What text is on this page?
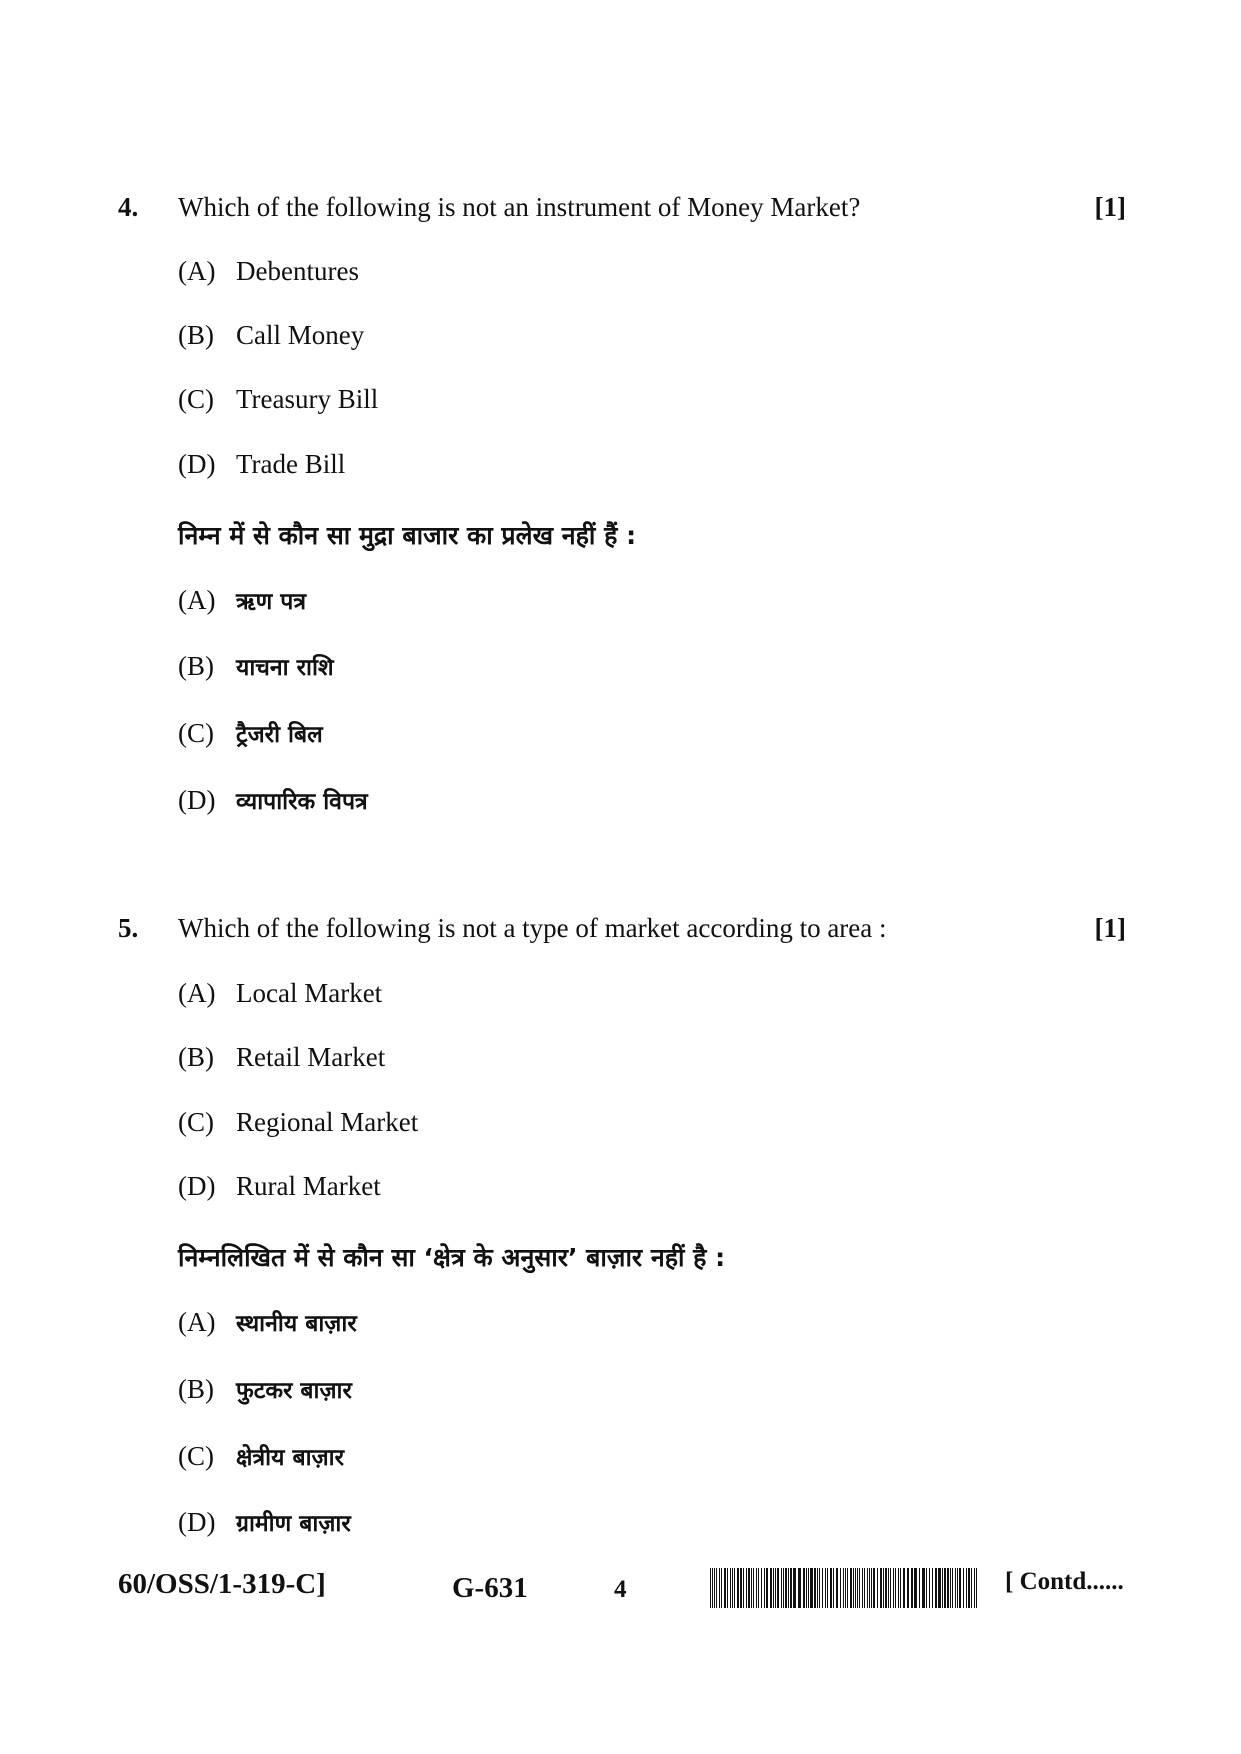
4. Which of the following is not an instrument of Money Market?	[1]
(A) Debentures
(B) Call Money
(C) Treasury Bill
(D) Trade Bill
निम्न में से कौन सा मुद्रा बाजार का प्रलेख नहीं हैं :
(A) ऋण पत्र
(B) याचना राशि
(C) ट्रैजरी बिल
(D) व्यापारिक विपत्र
5. Which of the following is not a type of market according to area :	[1]
(A) Local Market
(B) Retail Market
(C) Regional Market
(D) Rural Market
निम्नलिखित में से कौन सा ‘क्षेत्र के अनुसार’ बाज़ार नहीं है :
(A) स्थानीय बाज़ार
(B) फुटकर बाज़ार
(C) क्षेत्रीय बाज़ार
(D) ग्रामीण बाज़ार
60/OSS/1-319-C]	G-631	4	[ Contd......
